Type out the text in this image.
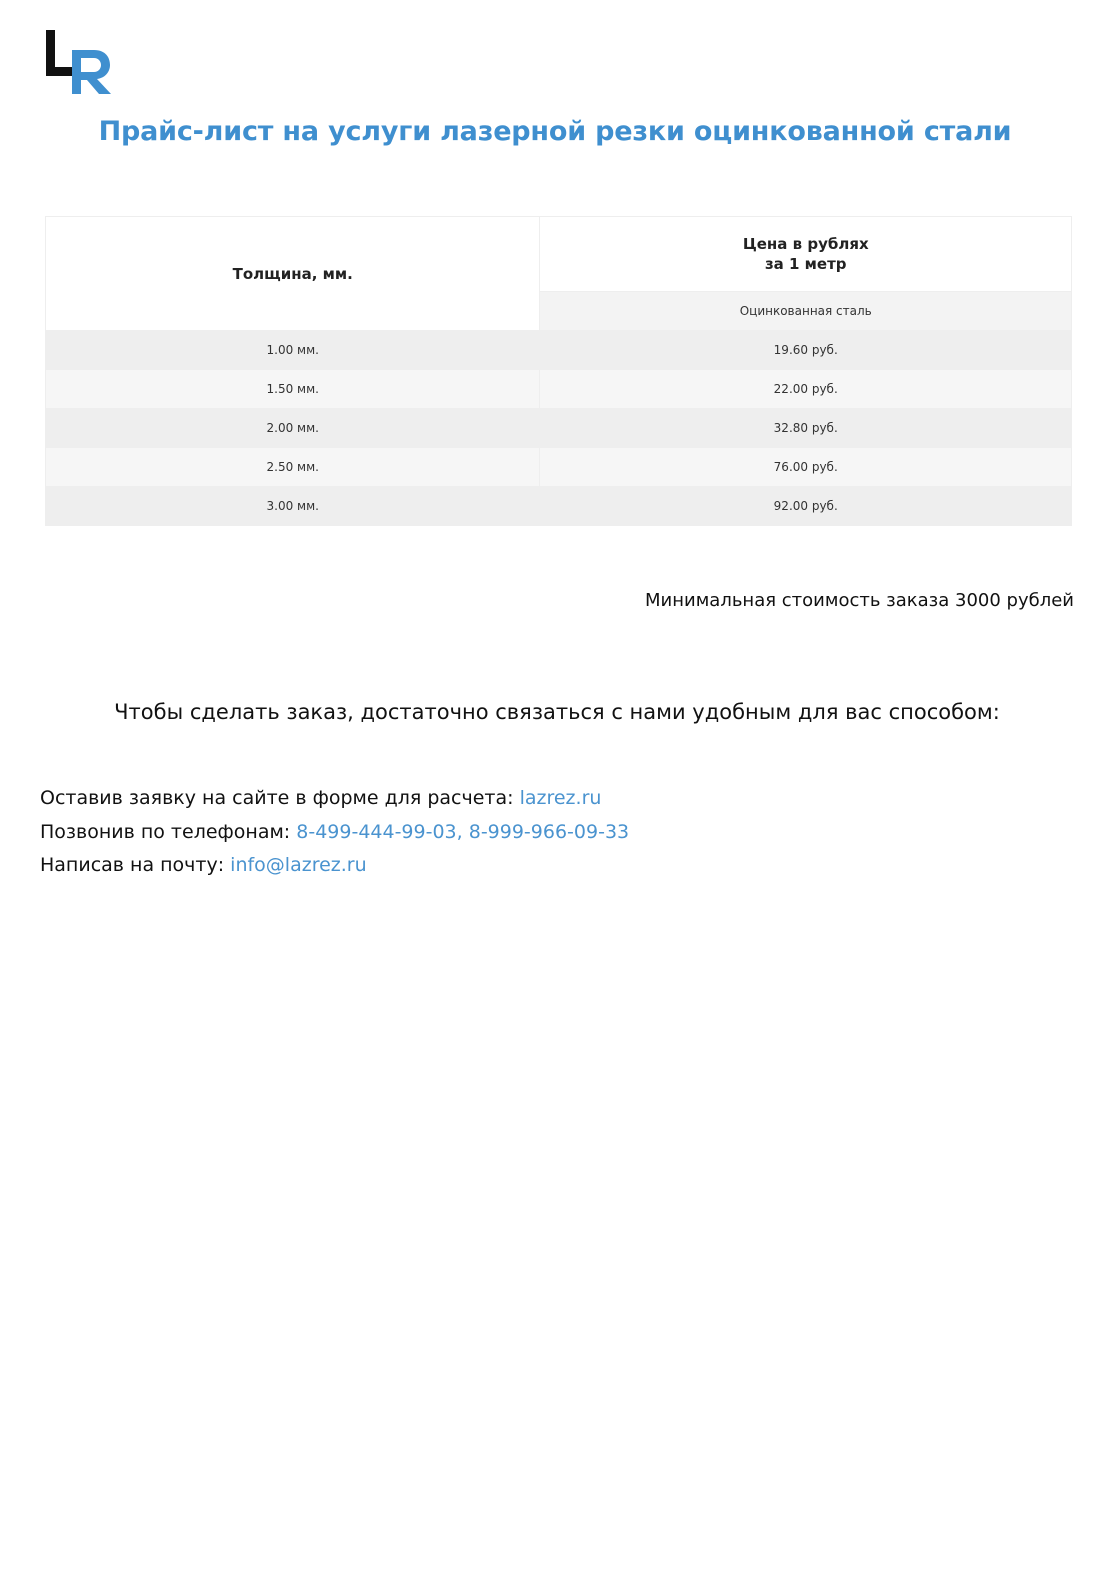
Прайс-лист на услуги лазерной резки оцинкованной стали
Толщина, мм.	Цена в рублях
за 1 метр
	Оцинкованная сталь
1.00 мм.	19.60 руб.
1.50 мм.	22.00 руб.
2.00 мм.	32.80 руб.
2.50 мм.	76.00 руб.
3.00 мм.	92.00 руб.
Минимальная стоимость заказа 3000 рублей
Чтобы сделать заказ, достаточно связаться с нами удобным для вас способом:
Оставив заявку на сайте в форме для расчета: lazrez.ru
Позвонив по телефонам: 8-499-444-99-03, 8-999-966-09-33
Написав на почту: info@lazrez.ru
